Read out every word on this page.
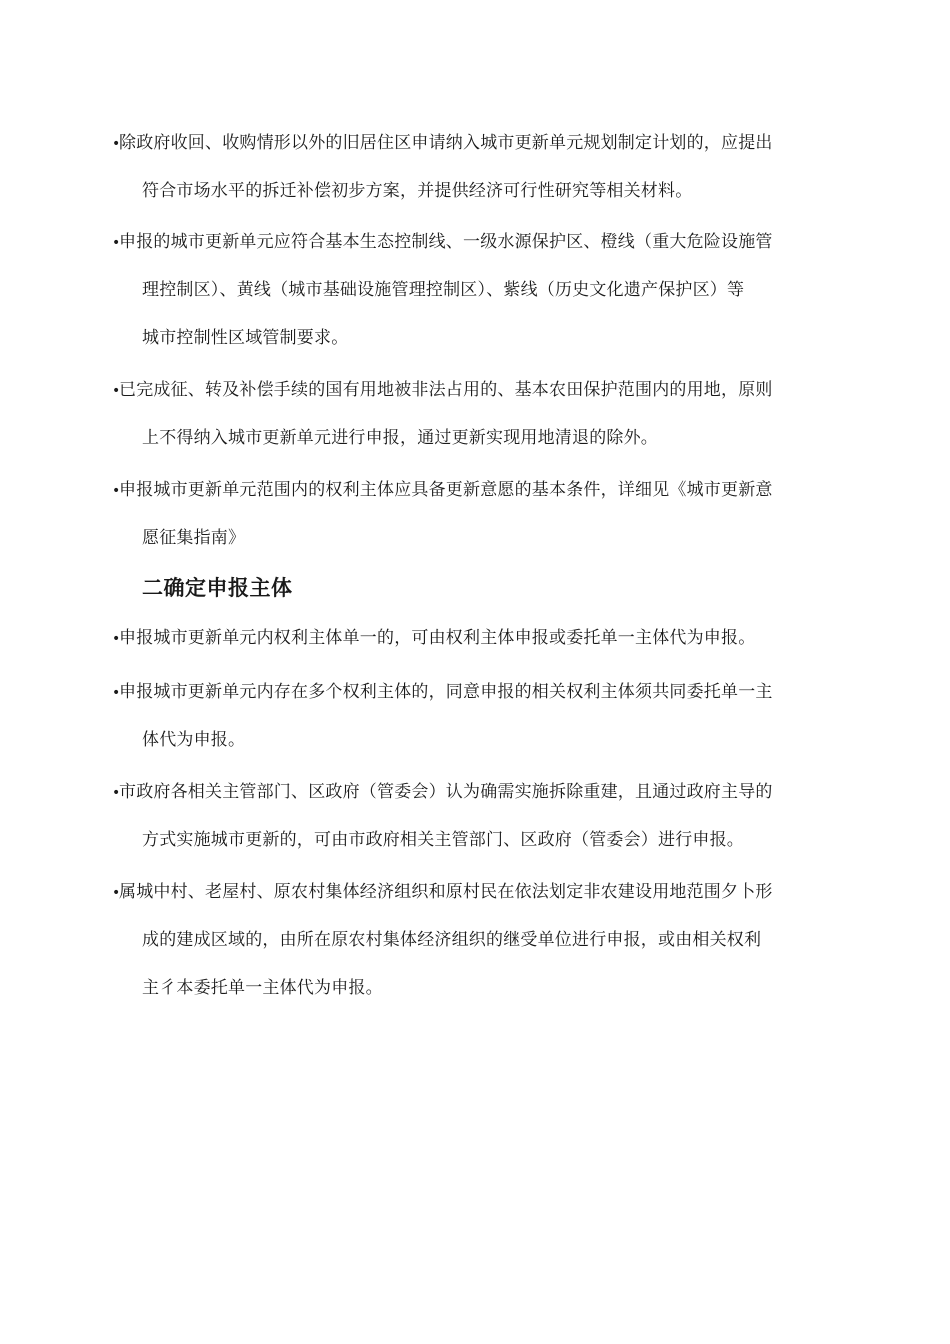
•除政府收回、收购情形以外的旧居住区申请纳入城市更新单元规划制定计划的，应提出
符合市场水平的拆迁补偿初步方案，并提供经济可行性研究等相关材料。
•申报的城市更新单元应符合基本生态控制线、一级水源保护区、橙线（重大危险设施管
理控制区）、黄线（城市基础设施管理控制区）、紫线（历史文化遗产保护区）等
城市控制性区域管制要求。
•已完成征、转及补偿手续的国有用地被非法占用的、基本农田保护范围内的用地，原则
上不得纳入城市更新单元进行申报，通过更新实现用地清退的除外。
•申报城市更新单元范围内的权利主体应具备更新意愿的基本条件，详细见《城市更新意
愿征集指南》
二确定申报主体
•申报城市更新单元内权利主体单一的，可由权利主体申报或委托单一主体代为申报。
•申报城市更新单元内存在多个权利主体的，同意申报的相关权利主体须共同委托单一主
体代为申报。
•市政府各相关主管部门、区政府（管委会）认为确需实施拆除重建，且通过政府主导的
方式实施城市更新的，可由市政府相关主管部门、区政府（管委会）进行申报。
•属城中村、老屋村、原农村集体经济组织和原村民在依法划定非农建设用地范围夕卜形
成的建成区域的，由所在原农村集体经济组织的继受单位进行申报，或由相关权利
主彳本委托单一主体代为申报。
